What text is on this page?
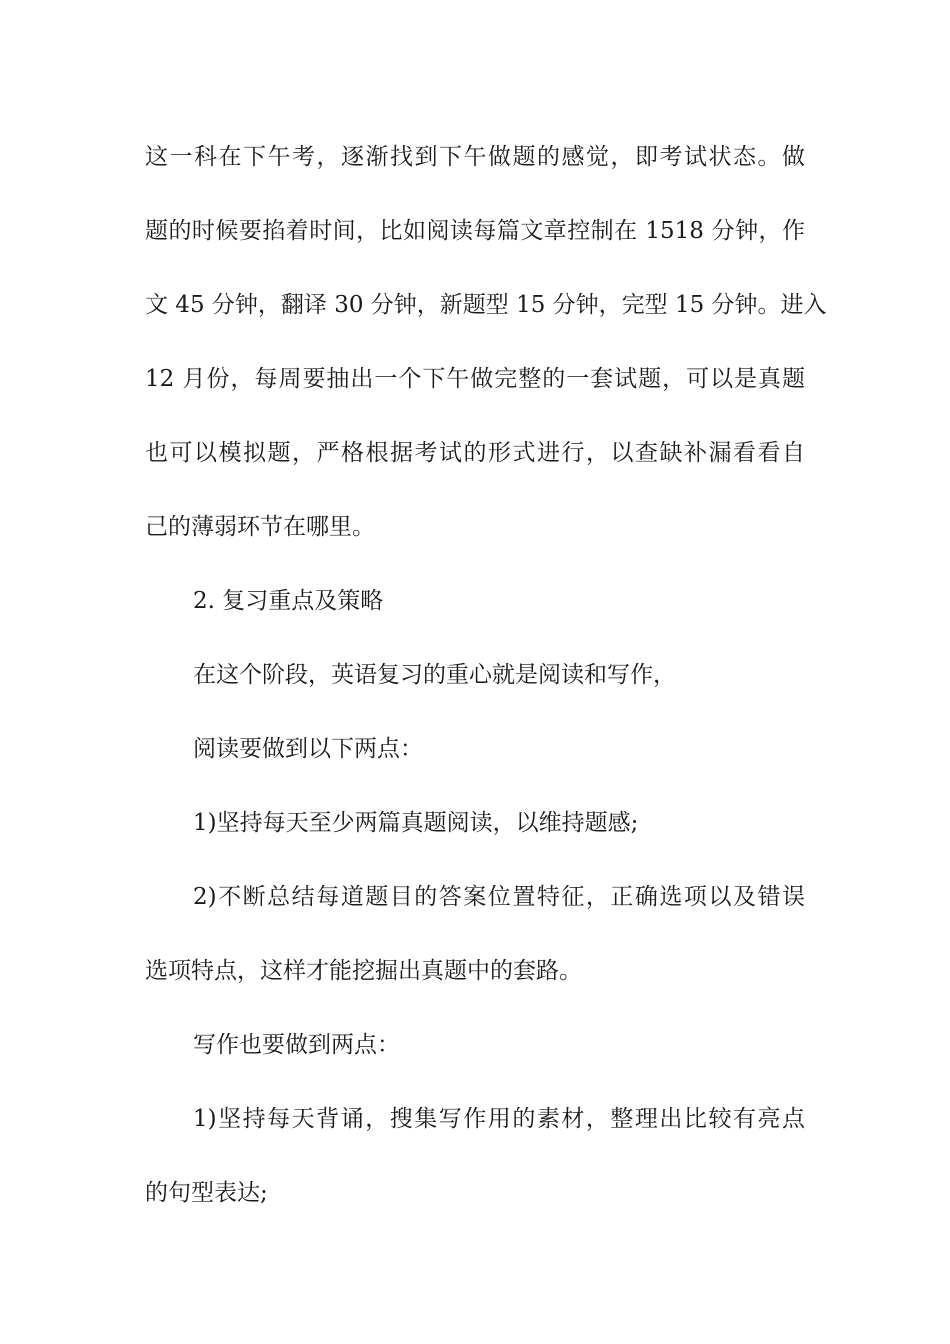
这一科在下午考，逐渐找到下午做题的感觉，即考试状态。做
题的时候要掐着时间，比如阅读每篇文章控制在 1518 分钟，作
文 45 分钟，翻译 30 分钟，新题型 15 分钟，完型 15 分钟。进入
12 月份，每周要抽出一个下午做完整的一套试题，可以是真题
也可以模拟题，严格根据考试的形式进行，以查缺补漏看看自
己的薄弱环节在哪里。
2. 复习重点及策略
在这个阶段，英语复习的重心就是阅读和写作，
阅读要做到以下两点：
1)坚持每天至少两篇真题阅读，以维持题感;
2)不断总结每道题目的答案位置特征，正确选项以及错误
选项特点，这样才能挖掘出真题中的套路。
写作也要做到两点：
1)坚持每天背诵，搜集写作用的素材，整理出比较有亮点
的句型表达;
